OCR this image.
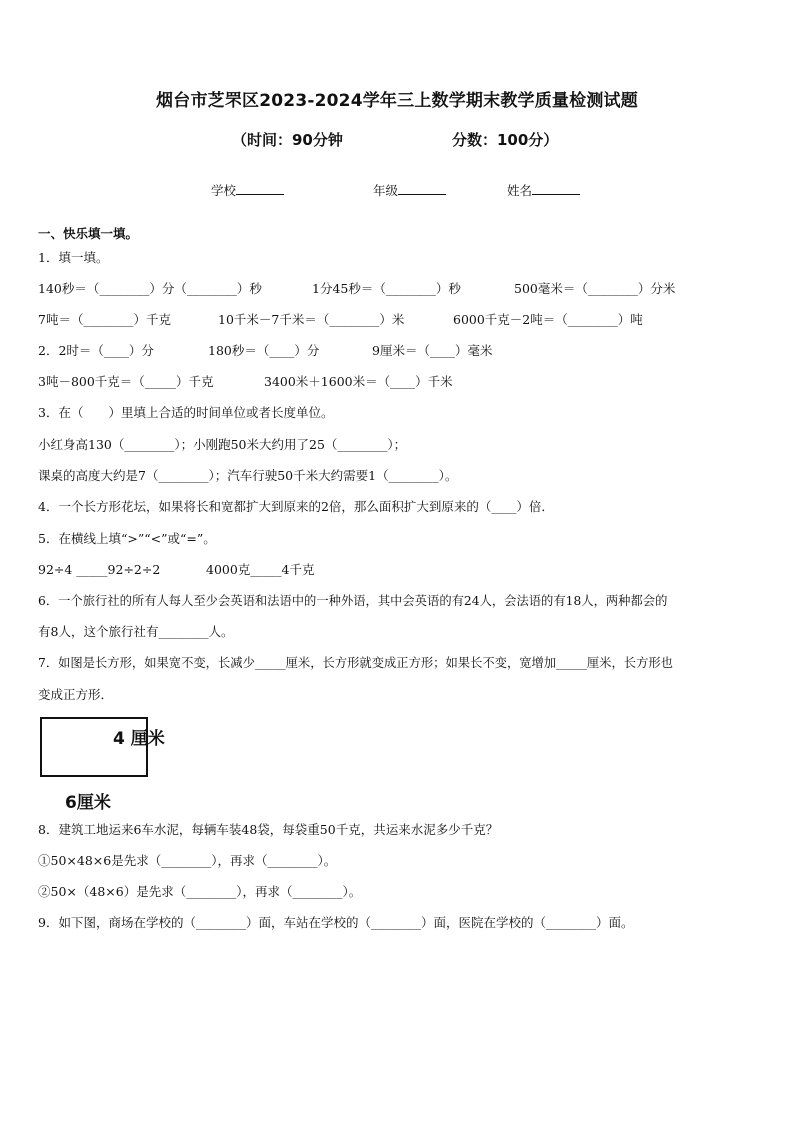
烟台市芝罘区2023-2024学年三上数学期末教学质量检测试题
（时间：90分钟	分数：100分）
学校	年级	姓名
一、快乐填一填。
1．填一填。
140秒＝（________）分（________）秒	1分45秒＝（________）秒	500毫米＝（________）分米
7吨＝（________）千克	10千米－7千米＝（________）米	6000千克－2吨＝（________）吨
2．2时＝（____）分	180秒＝（____）分	9厘米＝（____）毫米
3吨－800千克＝（_____）千克	3400米＋1600米＝（____）千米
3．在（　　）里填上合适的时间单位或者长度单位。
小红身高130（________）；小刚跑50米大约用了25（________）；
课桌的高度大约是7（________）；汽车行驶50千米大约需要1（________）。
4．一个长方形花坛，如果将长和宽都扩大到原来的2倍，那么面积扩大到原来的（____）倍．
5．在横线上填“>”“<”或“=”。
92÷4 _____92÷2÷2	4000克_____4千克
6．一个旅行社的所有人每人至少会英语和法语中的一种外语，其中会英语的有24人，会法语的有18人，两种都会的
有8人，这个旅行社有________人。
7．如图是长方形，如果宽不变，长减少_____厘米，长方形就变成正方形；如果长不变，宽增加_____厘米，长方形也
变成正方形．
4 厘米
6厘米
8．建筑工地运来6车水泥，每辆车装48袋，每袋重50千克，共运来水泥多少千克？
①50×48×6是先求（________），再求（________）。
②50×（48×6）是先求（________），再求（________）。
9．如下图，商场在学校的（________）面，车站在学校的（________）面，医院在学校的（________）面。
